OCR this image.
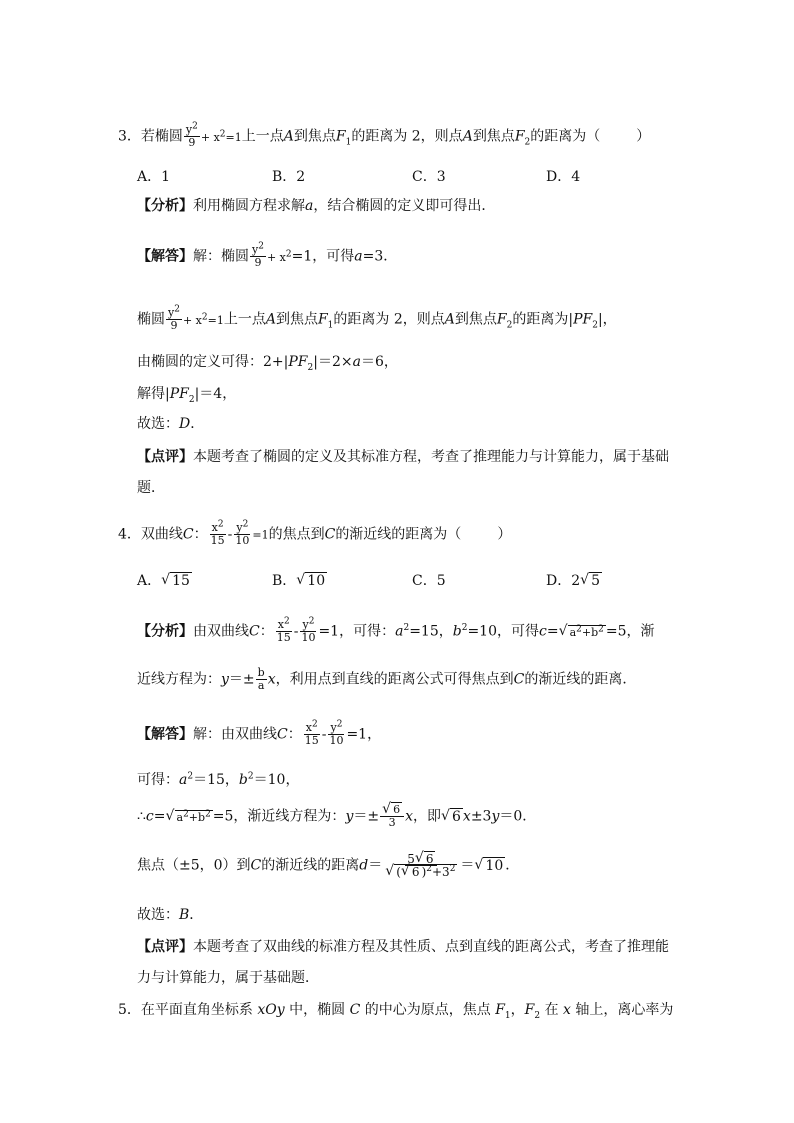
3．若椭圆 $\frac{y^2}{9} + x^2=1$上一点A到焦点$F_1$的距离为 2，则点A到焦点$F_2$的距离为（	）
A．1	B．2	C．3	D．4
【分析】利用椭圆方程求解a，结合椭圆的定义即可得出．
【解答】解：椭圆 $\frac{y^2}{9} + x^2=1$，可得a=3．
椭圆 $\frac{y^2}{9} + x^2=1$上一点A到焦点$F_1$的距离为 2，则点A到焦点$F_2$的距离为$|PF_2|$，
由椭圆的定义可得：$2+|PF_2|=2\times a=6$，
解得$|PF_2|=4$，
故选：D．
【点评】本题考查了椭圆的定义及其标准方程，考查了推理能力与计算能力，属于基础
题．
4．双曲线C： $\frac{x^2}{15} - \frac{y^2}{10} =1$的焦点到C的渐近线的距离为（	）
A． √ 15	B． √ 10	C．5	D．2 √ 5
【分析】由双曲线C： $\frac{x^2}{15} - \frac{y^2}{10} =1$，可得：$a^2=15$，$b^2=10$，可得c= √ $a^2+b^2 =5$，渐
近线方程为：$y=\pm \frac{b}{a}$ x，利用点到直线的距离公式可得焦点到C的渐近线的距离．
【解答】解：由双曲线C： $\frac{x^2}{15} - \frac{y^2}{10} =1$，
可得：$a^2=15$，$b^2=10$，
∴c= √ $a^2+b^2 =5$，渐近线方程为：y＝± √ $\frac{6}{3}$ x，即 √ 6 x±3y＝0．
焦点（±5，0）到C的渐近线的距离d＝ 5 √ 6
√ ( √ 6 )$^2+3^2$ ＝ √ 10 ．
故选：B．
【点评】本题考查了双曲线的标准方程及其性质、点到直线的距离公式，考查了推理能
力与计算能力，属于基础题．
5．在平面直角坐标系 xOy 中，椭圆 C 的中心为原点，焦点 $F_1$，$F_2$ 在 x 轴上，离心率为
